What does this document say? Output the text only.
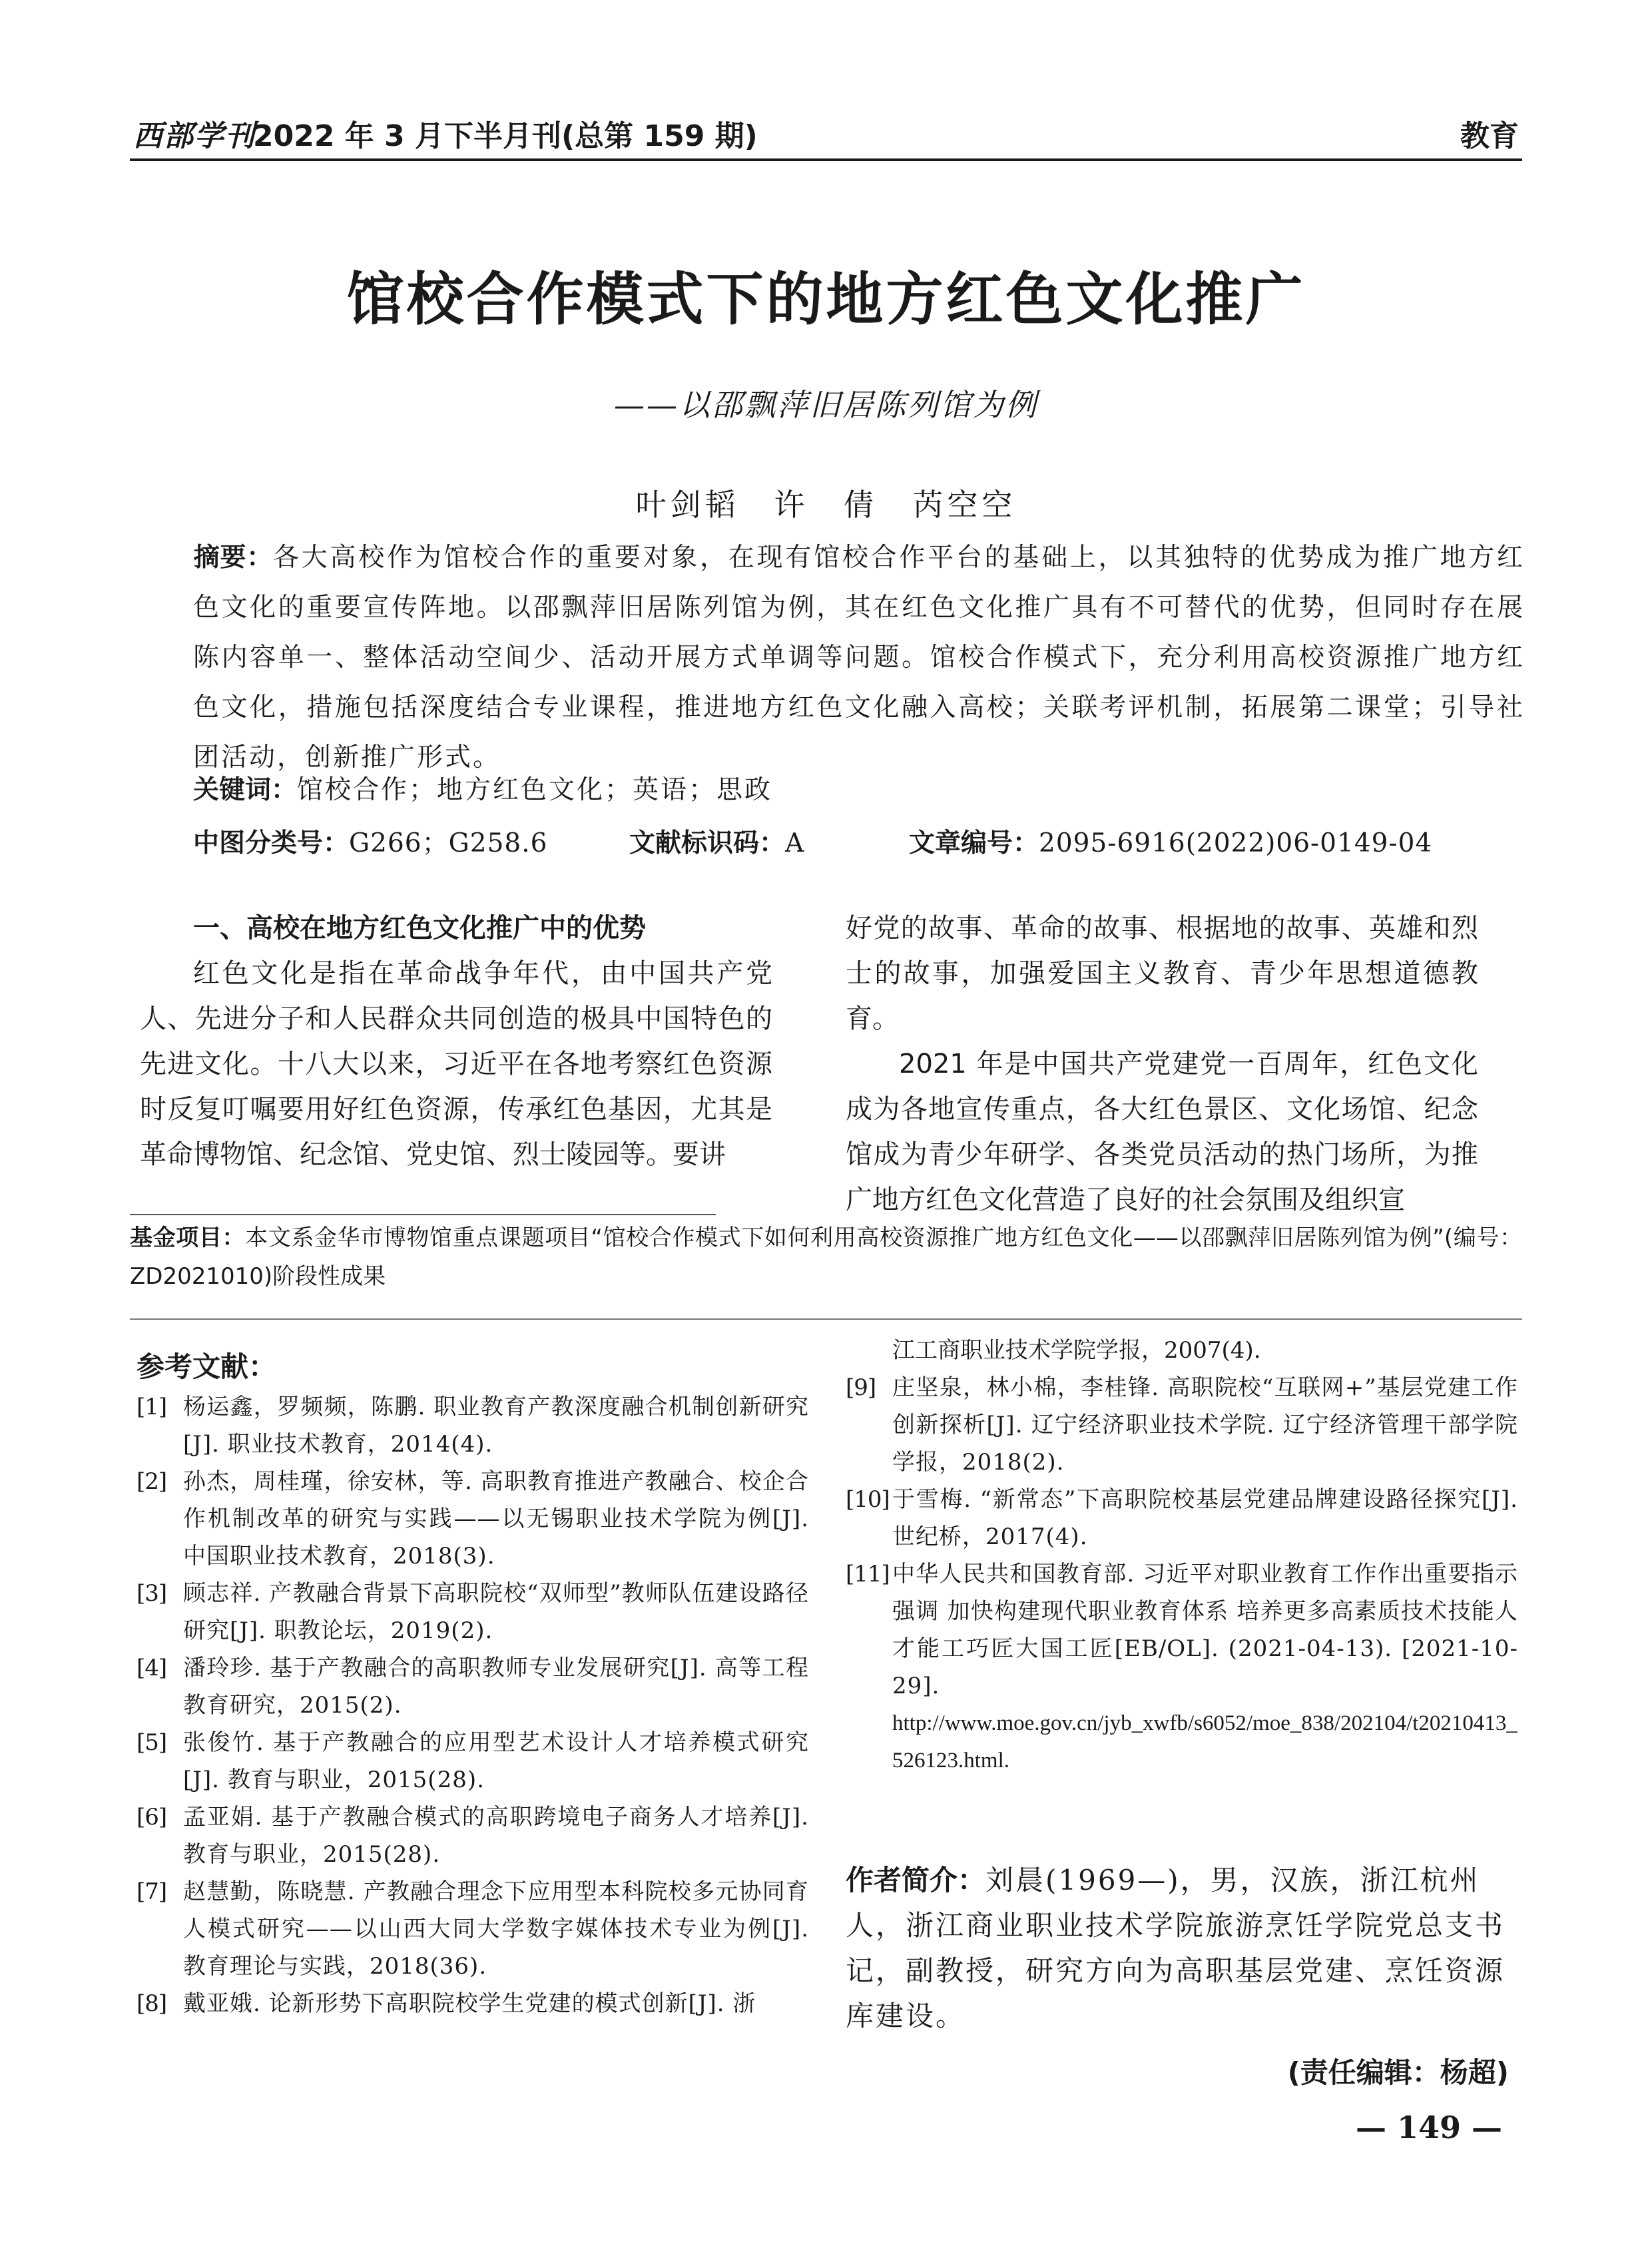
西部学刊
2022 年 3 月下半月刊(总第 159 期)	教育
馆校合作模式下的地方红色文化推广
——以邵飘萍旧居陈列馆为例
叶剑韬　许　倩　芮空空
摘要：各大高校作为馆校合作的重要对象，在现有馆校合作平台的基础上，以其独特的优势成为推广地方红色文化的重要宣传阵地。以邵飘萍旧居陈列馆为例，其在红色文化推广具有不可替代的优势，但同时存在展陈内容单一、整体活动空间少、活动开展方式单调等问题。馆校合作模式下，充分利用高校资源推广地方红色文化，措施包括深度结合专业课程，推进地方红色文化融入高校；关联考评机制，拓展第二课堂；引导社团活动，创新推广形式。
关键词：馆校合作；地方红色文化；英语；思政
中图分类号：G266；G258.6	文献标识码：A	文章编号：2095-6916(2022)06-0149-04
一、高校在地方红色文化推广中的优势

红色文化是指在革命战争年代，由中国共产党人、先进分子和人民群众共同创造的极具中国特色的先进文化。十八大以来，习近平在各地考察红色资源时反复叮嘱要用好红色资源，传承红色基因，尤其是革命博物馆、纪念馆、党史馆、烈士陵园等。要讲

好党的故事、革命的故事、根据地的故事、英雄和烈士的故事，加强爱国主义教育、青少年思想道德教育。

2021 年是中国共产党建党一百周年，红色文化成为各地宣传重点，各大红色景区、文化场馆、纪念馆成为青少年研学、各类党员活动的热门场所，为推广地方红色文化营造了良好的社会氛围及组织宣

基金项目：本文系金华市博物馆重点课题项目“馆校合作模式下如何利用高校资源推广地方红色文化——以邵飘萍旧居陈列馆为例”(编号：ZD2021010)阶段性成果
参考文献：
[1] 杨运鑫，罗频频，陈鹏. 职业教育产教深度融合机制创新研究[J]. 职业技术教育，2014(4).
[2] 孙杰，周桂瑾，徐安林，等. 高职教育推进产教融合、校企合作机制改革的研究与实践——以无锡职业技术学院为例[J]. 中国职业技术教育，2018(3).
[3] 顾志祥. 产教融合背景下高职院校“双师型”教师队伍建设路径研究[J]. 职教论坛，2019(2).
[4] 潘玲珍. 基于产教融合的高职教师专业发展研究[J]. 高等工程教育研究，2015(2).
[5] 张俊竹. 基于产教融合的应用型艺术设计人才培养模式研究[J]. 教育与职业，2015(28).
[6] 孟亚娟. 基于产教融合模式的高职跨境电子商务人才培养[J]. 教育与职业，2015(28).
[7] 赵慧勤，陈晓慧. 产教融合理念下应用型本科院校多元协同育人模式研究——以山西大同大学数字媒体技术专业为例[J]. 教育理论与实践，2018(36).
[8] 戴亚娥. 论新形势下高职院校学生党建的模式创新[J]. 浙
江工商职业技术学院学报，2007(4).
[9] 庄坚泉，林小棉，李桂锋. 高职院校“互联网+”基层党建工作创新探析[J]. 辽宁经济职业技术学院. 辽宁经济管理干部学院学报，2018(2).
[10] 于雪梅. “新常态”下高职院校基层党建品牌建设路径探究[J]. 世纪桥，2017(4).
[11] 中华人民共和国教育部. 习近平对职业教育工作作出重要指示强调 加快构建现代职业教育体系 培养更多高素质技术技能人才能工巧匠大国工匠[EB/OL]. (2021-04-13). [2021-10-29].
http://www.moe.gov.cn/jyb_xwfb/s6052/moe_838/202104/t20210413_526123.html.
作者简介：刘晨(1969—)，男，汉族，浙江杭州人，浙江商业职业技术学院旅游烹饪学院党总支书记，副教授，研究方向为高职基层党建、烹饪资源库建设。
(责任编辑：杨超)
— 149 —
